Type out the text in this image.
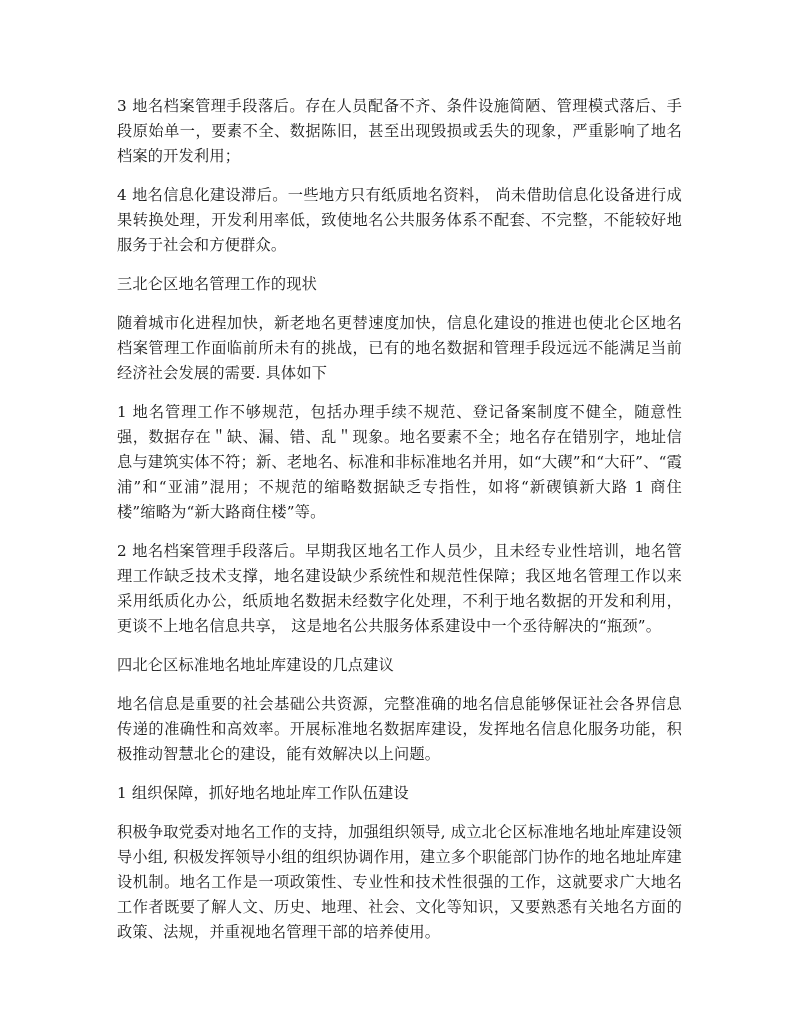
3 地名档案管理手段落后。存在人员配备不齐、条件设施简陋、管理模式落后、手段原始单一，要素不全、数据陈旧，甚至出现毁损或丢失的现象，严重影响了地名档案的开发利用；

4 地名信息化建设滞后。一些地方只有纸质地名资料， 尚未借助信息化设备进行成果转换处理，开发利用率低，致使地名公共服务体系不配套、不完整，不能较好地服务于社会和方便群众。

三北仑区地名管理工作的现状

随着城市化进程加快，新老地名更替速度加快，信息化建设的推进也使北仑区地名档案管理工作面临前所未有的挑战，已有的地名数据和管理手段远远不能满足当前经济社会发展的需要. 具体如下

1 地名管理工作不够规范，包括办理手续不规范、登记备案制度不健全，随意性强，数据存在＂缺、漏、错、乱＂现象。地名要素不全；地名存在错别字，地址信息与建筑实体不符；新、老地名、标准和非标准地名并用，如“大碶”和“大矸”、“霞浦”和“亚浦”混用；不规范的缩略数据缺乏专指性，如将“新碶镇新大路 1 商住楼”缩略为“新大路商住楼”等。

2 地名档案管理手段落后。早期我区地名工作人员少，且未经专业性培训，地名管理工作缺乏技术支撑，地名建设缺少系统性和规范性保障；我区地名管理工作以来采用纸质化办公，纸质地名数据未经数字化处理，不利于地名数据的开发和利用，更谈不上地名信息共享， 这是地名公共服务体系建设中一个丞待解决的“瓶颈”。

四北仑区标准地名地址库建设的几点建议

地名信息是重要的社会基础公共资源，完整准确的地名信息能够保证社会各界信息传递的准确性和高效率。开展标准地名数据库建设，发挥地名信息化服务功能，积极推动智慧北仑的建设，能有效解决以上问题。

1 组织保障，抓好地名地址库工作队伍建设

积极争取党委对地名工作的支持，加强组织领导, 成立北仑区标准地名地址库建设领导小组, 积极发挥领导小组的组织协调作用，建立多个职能部门协作的地名地址库建设机制。地名工作是一项政策性、专业性和技术性很强的工作，这就要求广大地名工作者既要了解人文、历史、地理、社会、文化等知识，又要熟悉有关地名方面的政策、法规，并重视地名管理干部的培养使用。
